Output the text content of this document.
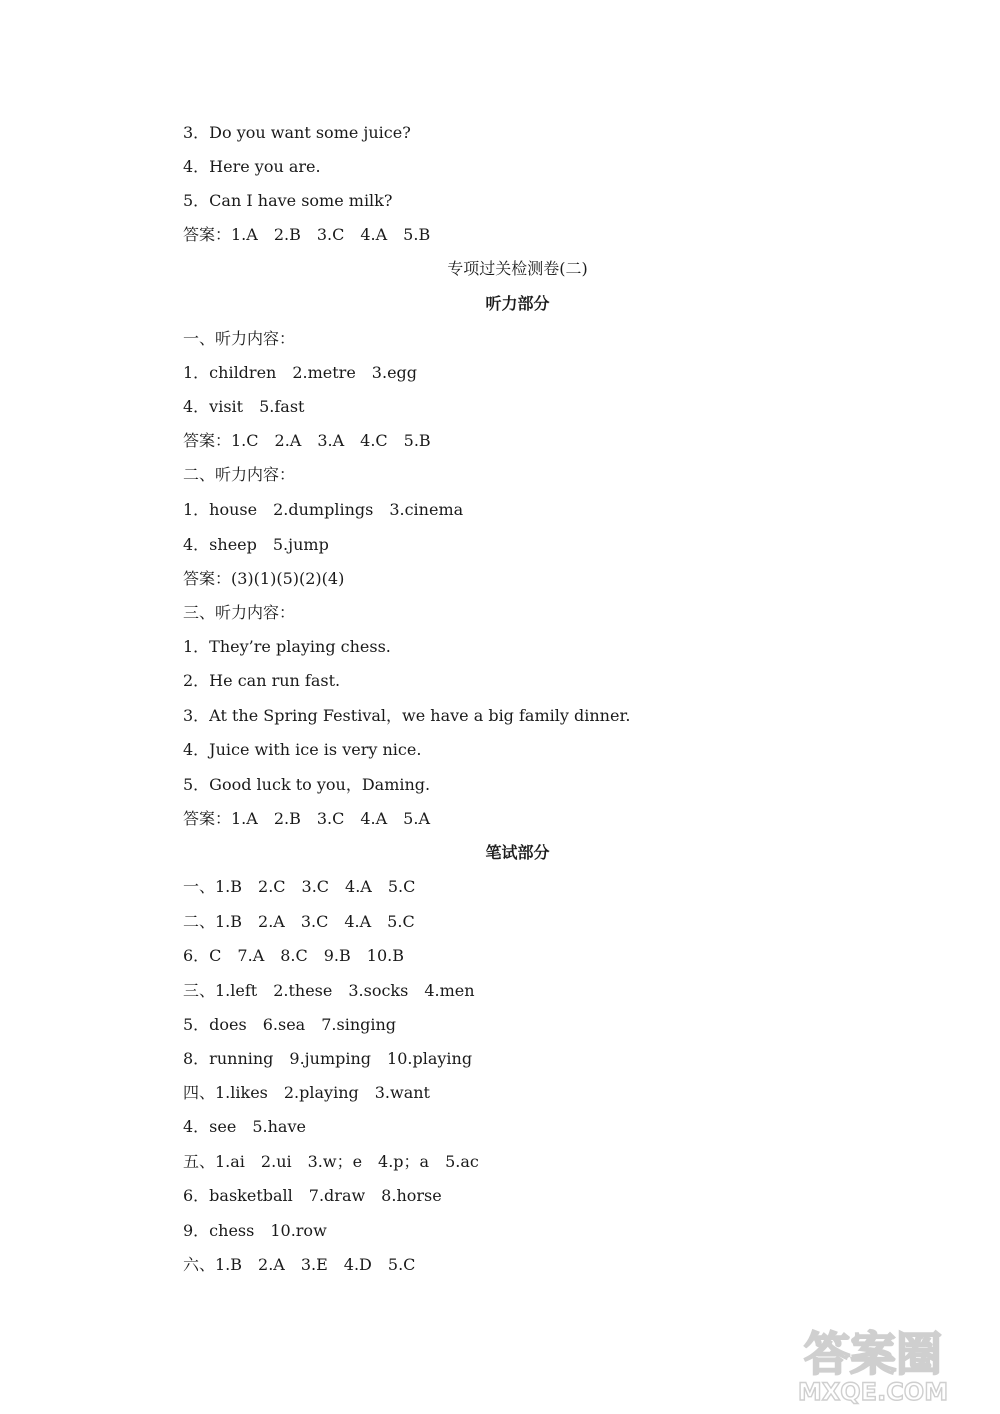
3．Do you want some juice?
4．Here you are.
5．Can I have some milk?
答案：1.A　2.B　3.C　4.A　5.B
专项过关检测卷(二)
听力部分
一、听力内容：
1．children　2.metre　3.egg
4．visit　5.fast
答案：1.C　2.A　3.A　4.C　5.B
二、听力内容：
1．house　2.dumplings　3.cinema
4．sheep　5.jump
答案：(3)(1)(5)(2)(4)
三、听力内容：
1．They’re playing chess.
2．He can run fast.
3．At the Spring Festival，we have a big family dinner.
4．Juice with ice is very nice.
5．Good luck to you，Daming.
答案：1.A　2.B　3.C　4.A　5.A
笔试部分
一、1.B　2.C　3.C　4.A　5.C
二、1.B　2.A　3.C　4.A　5.C
6．C　7.A　8.C　9.B　10.B
三、1.left　2.these　3.socks　4.men
5．does　6.sea　7.singing
8．running　9.jumping　10.playing
四、1.likes　2.playing　3.want
4．see　5.have
五、1.ai　2.ui　3.w；e　4.p；a　5.ac
6．basketball　7.draw　8.horse
9．chess　10.row
六、1.B　2.A　3.E　4.D　5.C
答案圈
MXQE.COM
